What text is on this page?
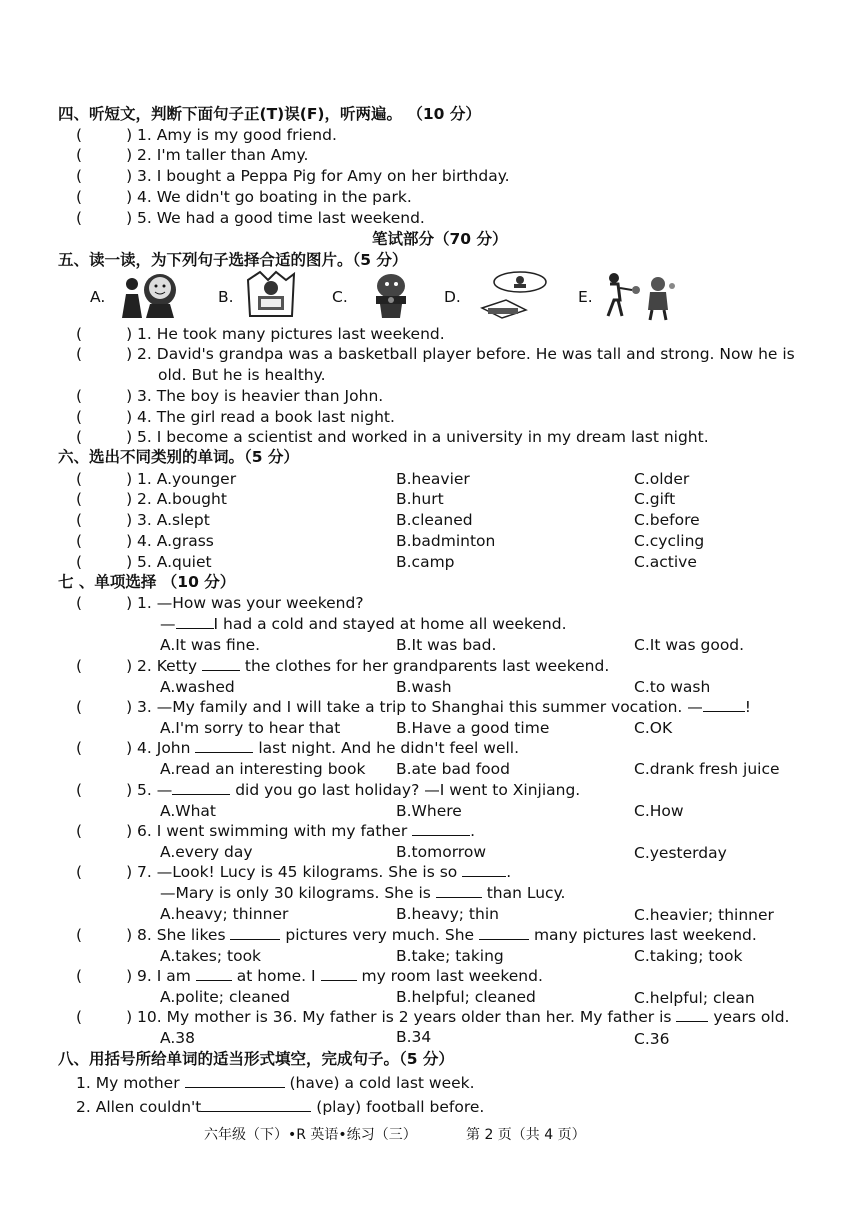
四、听短文，判断下面句子正(T)误(F)，听两遍。 （10 分）
(	) 1. Amy is my good friend.
(	) 2. I'm taller than Amy.
(	) 3. I bought a Peppa Pig for Amy on her birthday.
(	) 4. We didn't go boating in the park.
(	) 5. We had a good time last weekend.
笔试部分（70 分）
五、读一读，为下列句子选择合适的图片。（5 分）
A.	B.	C.	D.	E.
(	) 1. He took many pictures last weekend.
(	) 2. David's grandpa was a basketball player before. He was tall and strong. Now he is
old. But he is healthy.
(	) 3. The boy is heavier than John.
(	) 4. The girl read a book last night.
(	) 5. I become a scientist and worked in a university in my dream last night.
六、选出不同类别的单词。（5 分）
(	) 1. A.younger	B.heavier	C.older
(	) 2. A.bought	B.hurt	C.gift
(	) 3. A.slept	B.cleaned	C.before
(	) 4. A.grass	B.badminton	C.cycling
(	) 5. A.quiet	B.camp	C.active
七 、单项选择 （10 分）
(	) 1. —How was your weekend?
— I had a cold and stayed at home all weekend.
A.It was fine.	B.It was bad.	C.It was good.
(	) 2. Ketty	the clothes for her grandparents last weekend.
A.washed	B.wash	C.to wash
(	) 3. —My family and I will take a trip to Shanghai this summer vocation. —	!
A.I'm sorry to hear that	B.Have a good time	C.OK
(	) 4. John	last night. And he didn't feel well.
A.read an interesting book B.ate bad food	C.drank fresh juice
(	) 5. —	did you go last holiday? —I went to Xinjiang.
A.What	B.Where	C.How
(	) 6. I went swimming with my father	.
A.every day	B.tomorrow	C.yesterday
(	) 7. —Look! Lucy is 45 kilograms. She is so	.
—Mary is only 30 kilograms. She is	than Lucy.
A.heavy; thinner	B.heavy; thin	C.heavier; thinner
(	) 8. She likes	pictures very much. She	many pictures last weekend.
A.takes; took	B.take; taking	C.taking; took
(	) 9. I am	at home. I	my room last weekend.
A.polite; cleaned	B.helpful; cleaned	C.helpful; clean
(	) 10. My mother is 36. My father is 2 years older than her. My father is	years old.
A.38	B.34	C.36
八、用括号所给单词的适当形式填空，完成句子。（5 分）
1. My mother	(have) a cold last week.
2. Allen couldn't	(play) football before.
六年级（下）•R 英语•练习（三）	第 2 页（共 4 页）
